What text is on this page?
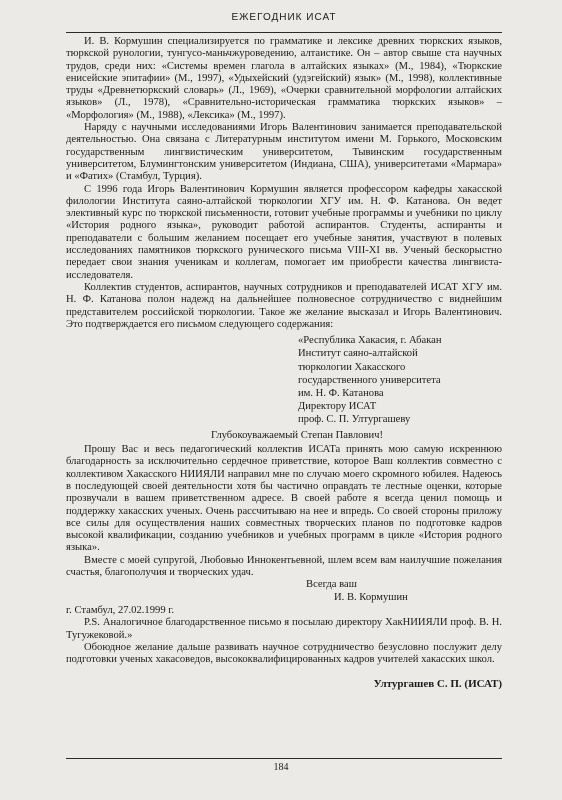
ЕЖЕГОДНИК ИСАТ

И. В. Кормушин специализируется по грамматике и лексике древних тюркских языков, тюркской рунологии, тунгусо-маньчжуроведению, алтаистике. Он – автор свыше ста научных трудов, среди них: «Системы времен глагола в алтайских языках» (М., 1984), «Тюркские енисейские эпитафии» (М., 1997), «Удыхейский (удэгейский) язык» (М., 1998), коллективные труды «Древнетюркский словарь» (Л., 1969), «Очерки сравнительной морфологии алтайских языков» (Л., 1978), «Сравнительно-историческая грамматика тюркских языков» – «Морфология» (М., 1988), «Лексика» (М., 1997).

Наряду с научными исследованиями Игорь Валентинович занимается преподавательской деятельностью. Она связана с Литературным институтом имени М. Горького, Московским государственным лингвистическим университетом, Тывинским государственным университетом, Блумингтонским университетом (Индиана, США), университетами «Мармара» и «Фатих» (Стамбул, Турция).

С 1996 года Игорь Валентинович Кормушин является профессором кафедры хакасской филологии Института саяно-алтайской тюркологии ХГУ им. Н. Ф. Катанова. Он ведет элективный курс по тюркской письменности, готовит учебные программы и учебники по циклу «История родного языка», руководит работой аспирантов. Студенты, аспиранты и преподаватели с большим желанием посещает его учебные занятия, участвуют в полевых исследованиях памятников тюркского рунического письма VIII-XI вв. Ученый бескорыстно передает свои знания ученикам и коллегам, помогает им приобрести качества лингвиста-исследователя.

Коллектив студентов, аспирантов, научных сотрудников и преподавателей ИСАТ ХГУ им. Н. Ф. Катанова полон надежд на дальнейшее полновесное сотрудничество с виднейшим представителем российской тюркологии. Такое же желание высказал и Игорь Валентинович. Это подтверждается его письмом следующего содержания:

«Республика Хакасия, г. Абакан
Институт саяно-алтайской
тюркологии Хакасского
государственного университета
им. Н. Ф. Катанова
Директору ИСАТ
проф. С. П. Ултургашеву
Глубокоуважаемый Степан Павлович!

Прошу Вас и весь педагогический коллектив ИСАТа принять мою самую искреннюю благодарность за исключительно сердечное приветствие, которое Ваш коллектив совместно с коллективом Хакасского НИИЯЛИ направил мне по случаю моего скромного юбилея. Надеюсь в последующей своей деятельности хотя бы частично оправдать те лестные оценки, которые прозвучали в вашем приветственном адресе. В своей работе я всегда ценил помощь и поддержку хакасских ученых. Очень рассчитываю на нее и впредь. Со своей стороны приложу все силы для осуществления наших совместных творческих планов по подготовке кадров высокой квалификации, созданию учебников и учебных программ в цикле «История родного языка».

Вместе с моей супругой, Любовью Иннокентьевной, шлем всем вам наилучшие пожелания счастья, благополучия и творческих удач.

Всегда ваш
И. В. Кормушин
г. Стамбул, 27.02.1999 г.

P.S. Аналогичное благодарственное письмо я посылаю директору ХакНИИЯЛИ проф. В. Н. Тугужековой.»

Обоюдное желание дальше развивать научное сотрудничество безусловно послужит делу подготовки ученых хакасоведов, высококвалифицированных кадров учителей хакасских школ.

Ултургашев С. П. (ИСАТ)
184
